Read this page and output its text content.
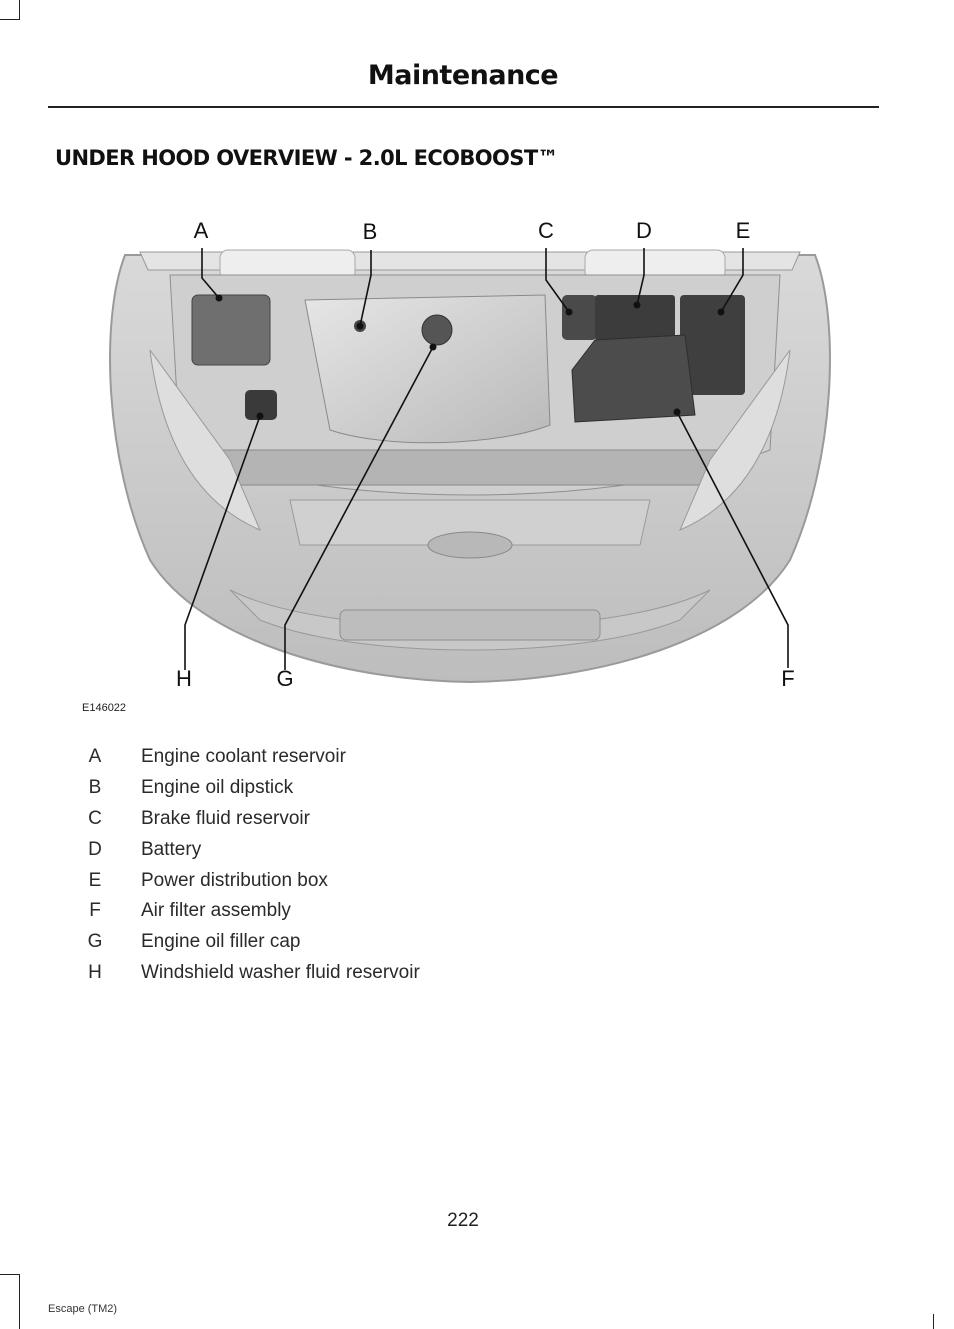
Maintenance
UNDER HOOD OVERVIEW - 2.0L ECOBOOST™
A	B	C	D	E
F
G
H
E146022
A	Engine coolant reservoir
B	Engine oil dipstick
C	Brake fluid reservoir
D	Battery
E	Power distribution box
F	Air filter assembly
G	Engine oil filler cap
H	Windshield washer fluid reservoir
222
Escape (TM2)
